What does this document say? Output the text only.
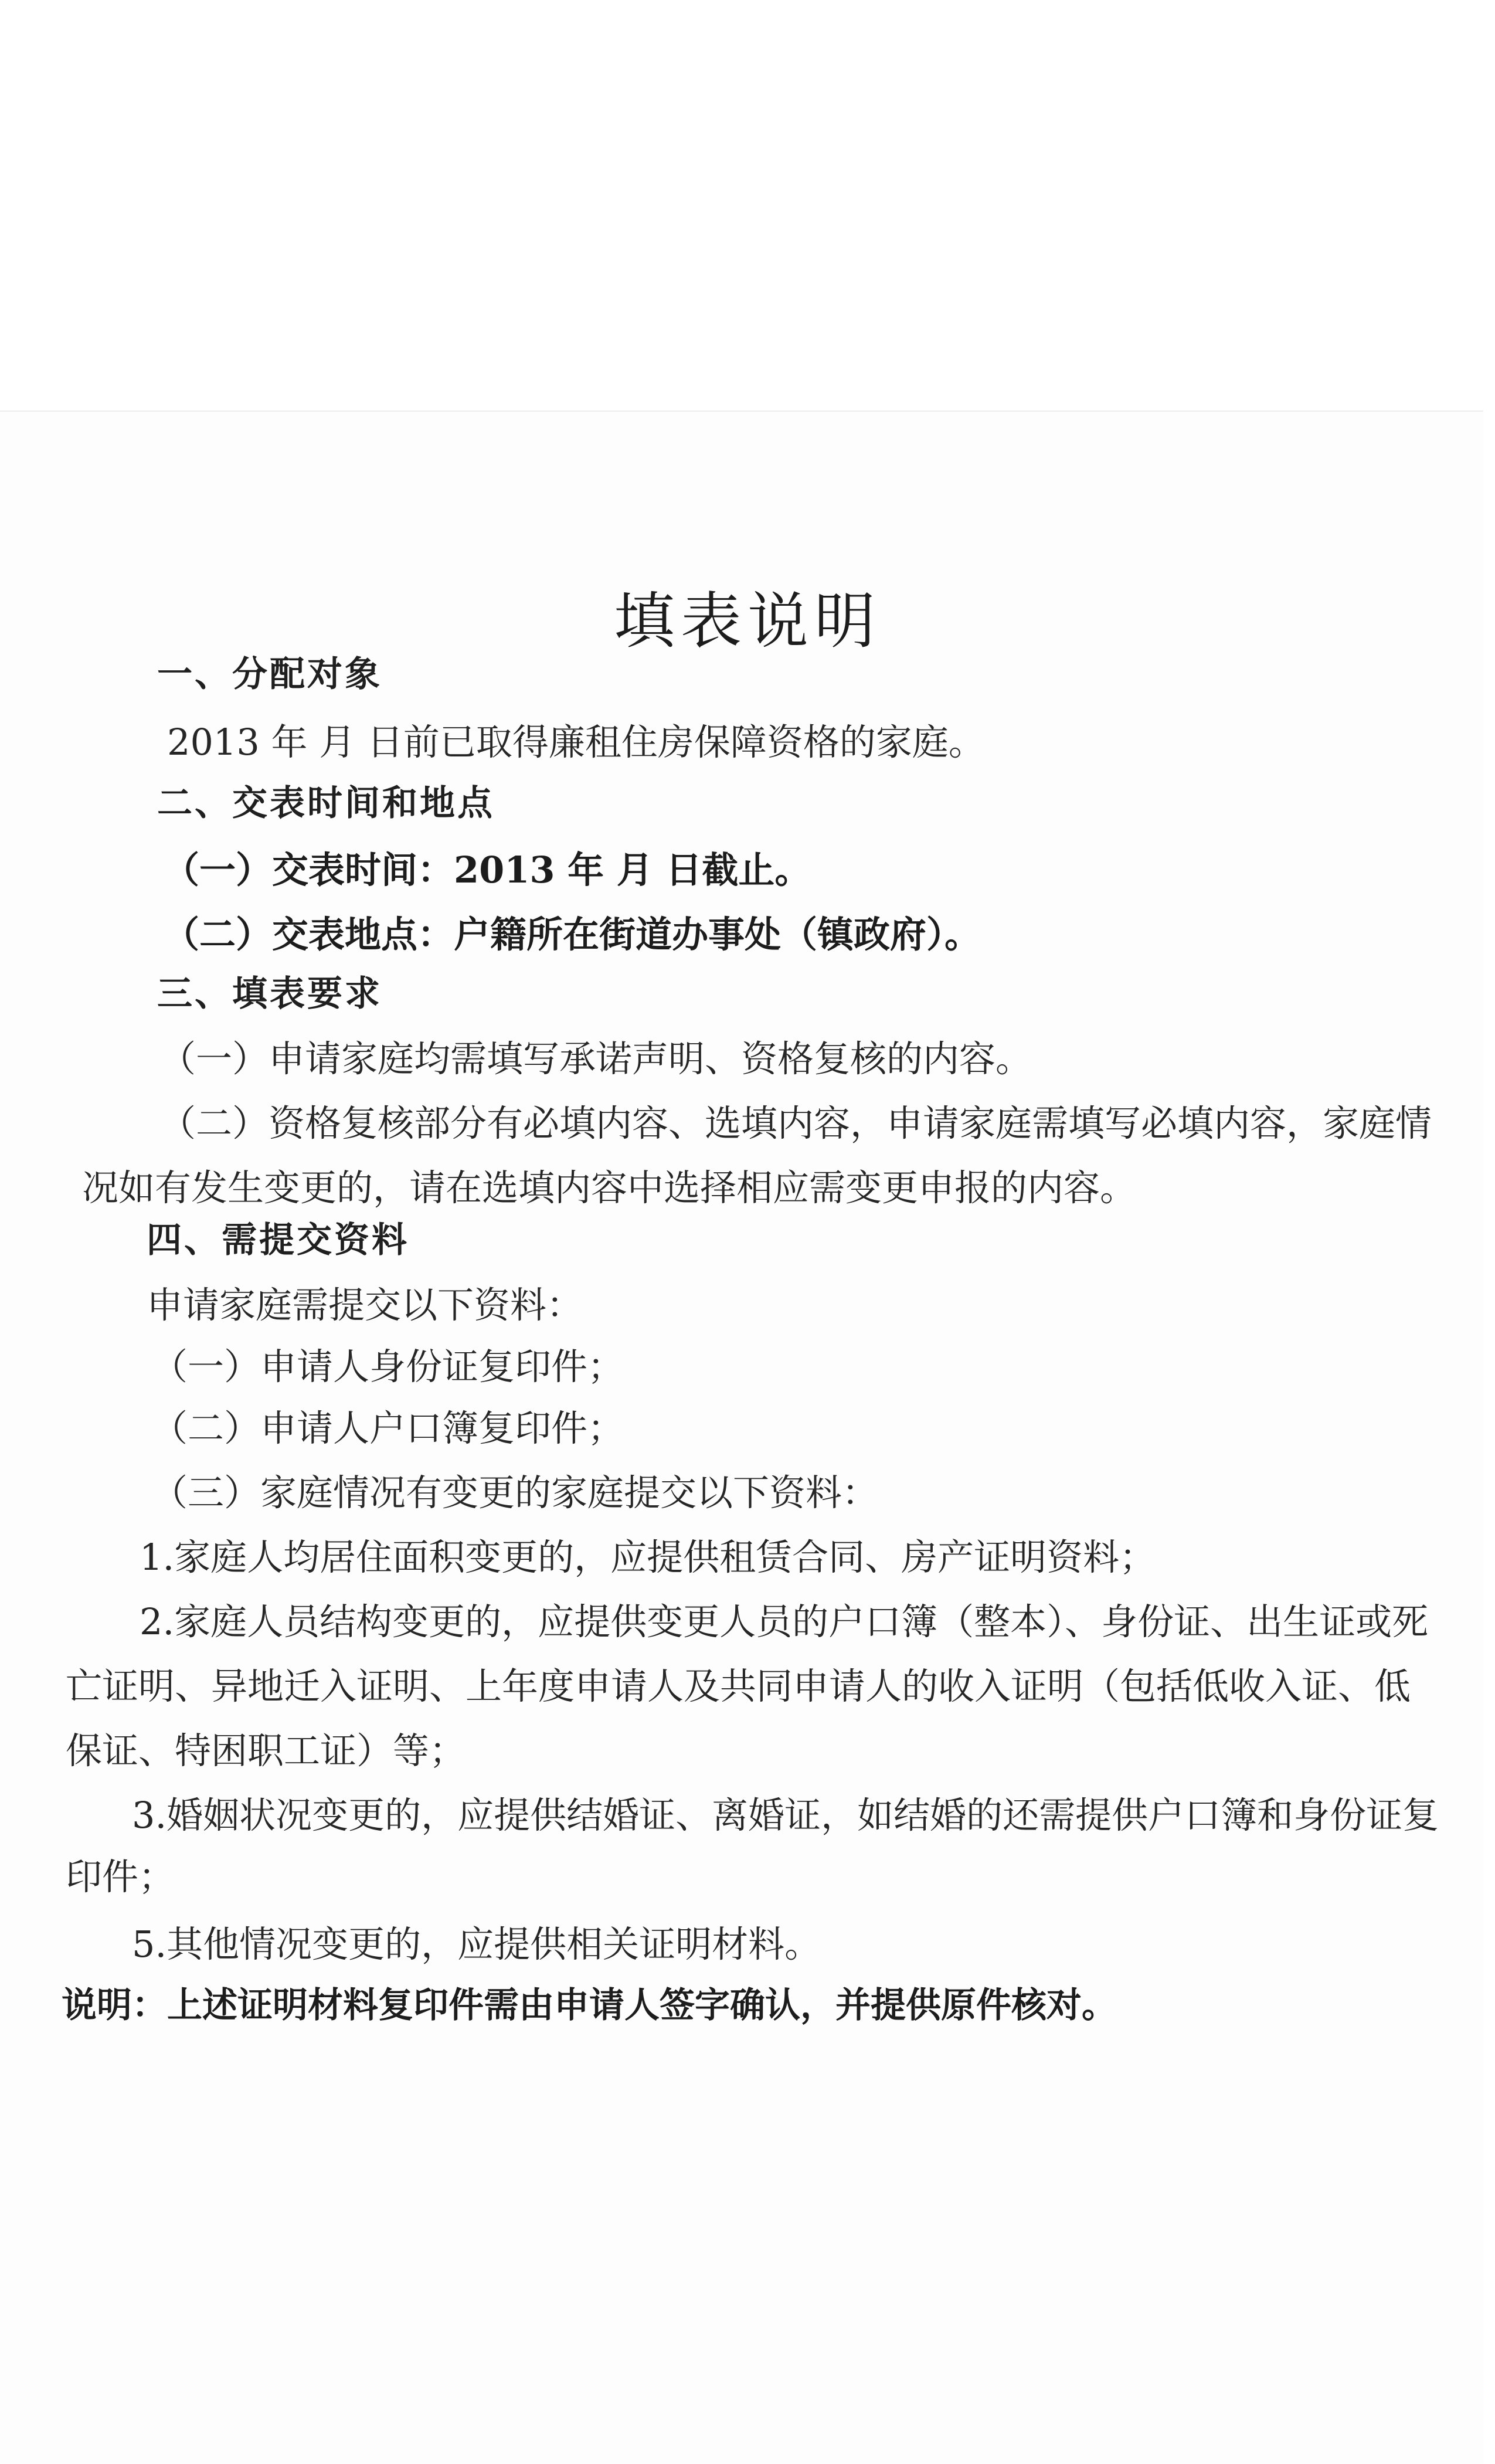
填表说明
一、分配对象
2013 年 月 日前已取得廉租住房保障资格的家庭。
二、交表时间和地点
（一）交表时间：2013 年 月 日截止。
（二）交表地点：户籍所在街道办事处（镇政府）。
三、填表要求
（一）申请家庭均需填写承诺声明、资格复核的内容。
（二）资格复核部分有必填内容、选填内容，申请家庭需填写必填内容，家庭情
况如有发生变更的，请在选填内容中选择相应需变更申报的内容。
四、需提交资料
申请家庭需提交以下资料：
（一）申请人身份证复印件；
（二）申请人户口簿复印件；
（三）家庭情况有变更的家庭提交以下资料：
1.家庭人均居住面积变更的，应提供租赁合同、房产证明资料；
2.家庭人员结构变更的，应提供变更人员的户口簿（整本）、身份证、出生证或死
亡证明、异地迁入证明、上年度申请人及共同申请人的收入证明（包括低收入证、低
保证、特困职工证）等；
3.婚姻状况变更的，应提供结婚证、离婚证，如结婚的还需提供户口簿和身份证复
印件；
5.其他情况变更的，应提供相关证明材料。
说明：上述证明材料复印件需由申请人签字确认，并提供原件核对。
